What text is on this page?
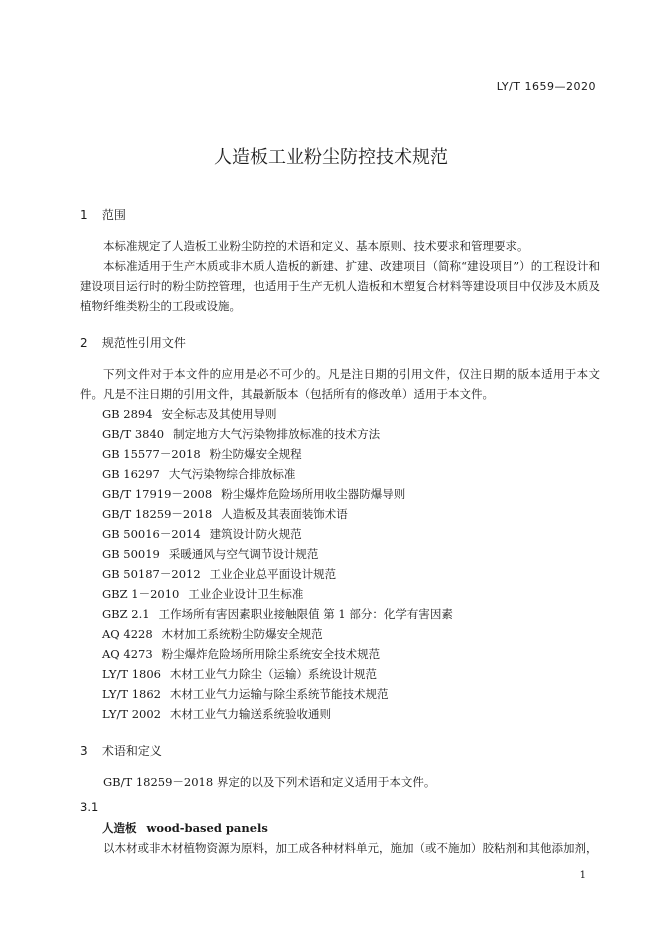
LY/T 1659—2020
人造板工业粉尘防控技术规范
1 范围
本标准规定了人造板工业粉尘防控的术语和定义、基本原则、技术要求和管理要求。
本标准适用于生产木质或非木质人造板的新建、扩建、改建项目（简称“建设项目”）的工程设计和建设项目运行时的粉尘防控管理，也适用于生产无机人造板和木塑复合材料等建设项目中仅涉及木质及植物纤维类粉尘的工段或设施。
2 规范性引用文件
下列文件对于本文件的应用是必不可少的。凡是注日期的引用文件，仅注日期的版本适用于本文件。凡是不注日期的引用文件，其最新版本（包括所有的修改单）适用于本文件。
GB 2894 安全标志及其使用导则
GB/T 3840 制定地方大气污染物排放标准的技术方法
GB 15577－2018 粉尘防爆安全规程
GB 16297 大气污染物综合排放标准
GB/T 17919－2008 粉尘爆炸危险场所用收尘器防爆导则
GB/T 18259－2018 人造板及其表面装饰术语
GB 50016－2014 建筑设计防火规范
GB 50019 采暖通风与空气调节设计规范
GB 50187－2012 工业企业总平面设计规范
GBZ 1－2010 工业企业设计卫生标准
GBZ 2.1 工作场所有害因素职业接触限值 第 1 部分：化学有害因素
AQ 4228 木材加工系统粉尘防爆安全规范
AQ 4273 粉尘爆炸危险场所用除尘系统安全技术规范
LY/T 1806 木材工业气力除尘（运输）系统设计规范
LY/T 1862 木材工业气力运输与除尘系统节能技术规范
LY/T 2002 木材工业气力输送系统验收通则
3 术语和定义
GB/T 18259－2018 界定的以及下列术语和定义适用于本文件。
3.1
人造板 wood-based panels
以木材或非木材植物资源为原料，加工成各种材料单元，施加（或不施加）胶粘剂和其他添加剂，
1
